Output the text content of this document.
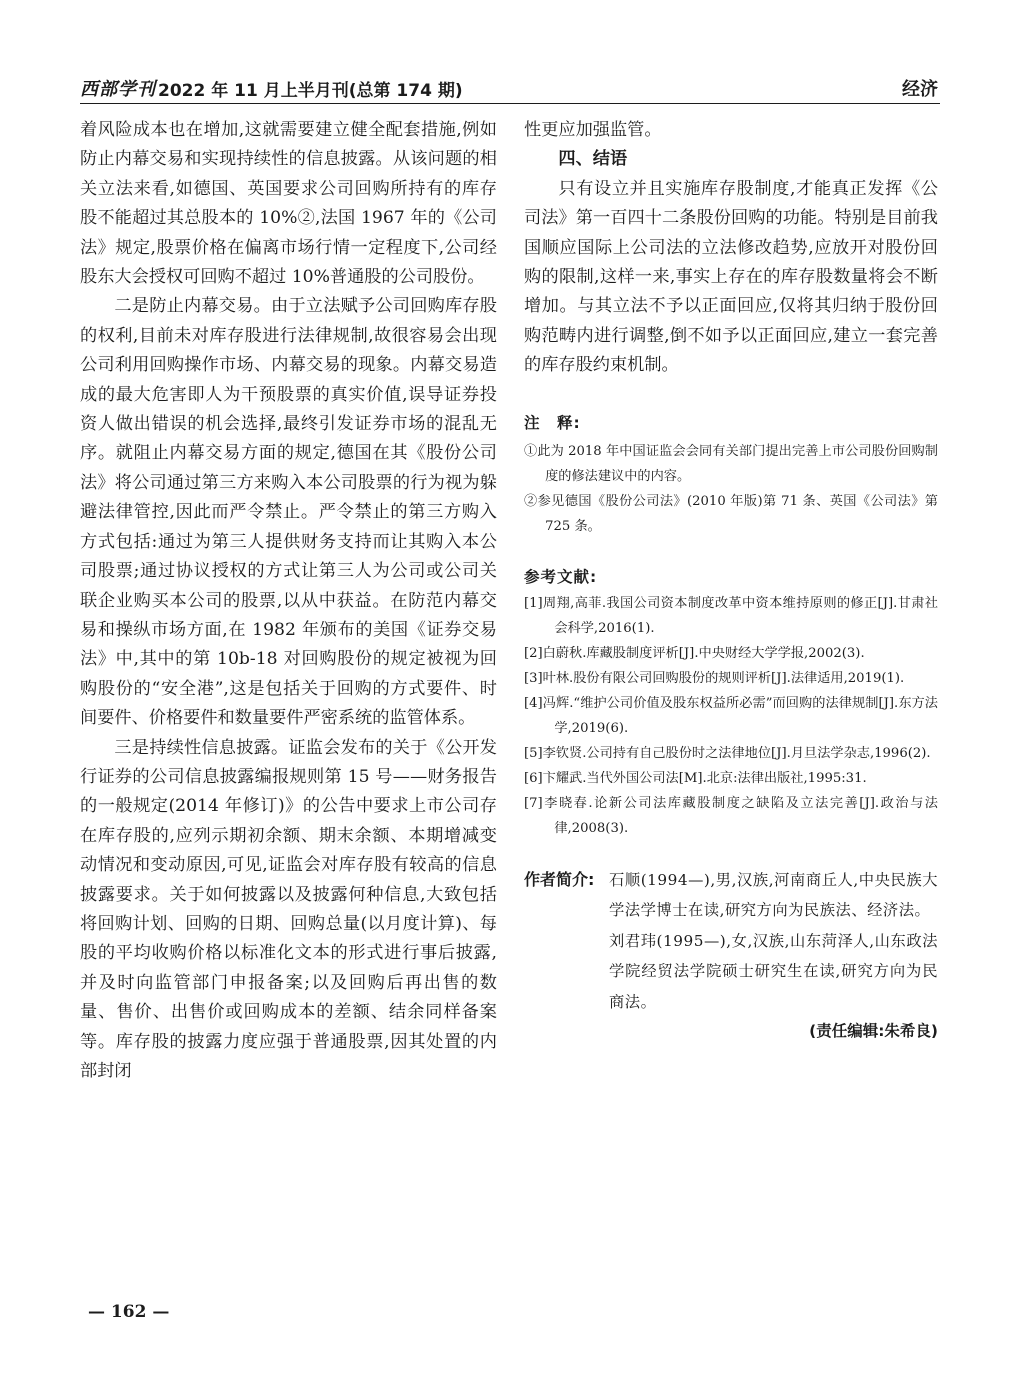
西部学刊 2022 年 11 月上半月刊(总第 174 期)	经济

着风险成本也在增加,这就需要建立健全配套措施,例如防止内幕交易和实现持续性的信息披露。从该问题的相关立法来看,如德国、英国要求公司回购所持有的库存股不能超过其总股本的 10%②,法国 1967 年的《公司法》规定,股票价格在偏离市场行情一定程度下,公司经股东大会授权可回购不超过 10%普通股的公司股份。

二是防止内幕交易。由于立法赋予公司回购库存股的权利,目前未对库存股进行法律规制,故很容易会出现公司利用回购操作市场、内幕交易的现象。内幕交易造成的最大危害即人为干预股票的真实价值,误导证券投资人做出错误的机会选择,最终引发证券市场的混乱无序。就阻止内幕交易方面的规定,德国在其《股份公司法》将公司通过第三方来购入本公司股票的行为视为躲避法律管控,因此而严令禁止。严令禁止的第三方购入方式包括:通过为第三人提供财务支持而让其购入本公司股票;通过协议授权的方式让第三人为公司或公司关联企业购买本公司的股票,以从中获益。在防范内幕交易和操纵市场方面,在 1982 年颁布的美国《证券交易法》中,其中的第 10b-18 对回购股份的规定被视为回购股份的“安全港”,这是包括关于回购的方式要件、时间要件、价格要件和数量要件严密系统的监管体系。

三是持续性信息披露。证监会发布的关于《公开发行证券的公司信息披露编报规则第 15 号——财务报告的一般规定(2014 年修订)》的公告中要求上市公司存在库存股的,应列示期初余额、期末余额、本期增减变动情况和变动原因,可见,证监会对库存股有较高的信息披露要求。关于如何披露以及披露何种信息,大致包括将回购计划、回购的日期、回购总量(以月度计算)、每股的平均收购价格以标准化文本的形式进行事后披露,并及时向监管部门申报备案;以及回购后再出售的数量、售价、出售价或回购成本的差额、结余同样备案等。库存股的披露力度应强于普通股票,因其处置的内部封闭

性更应加强监管。

四、结语

只有设立并且实施库存股制度,才能真正发挥《公司法》第一百四十二条股份回购的功能。特别是目前我国顺应国际上公司法的立法修改趋势,应放开对股份回购的限制,这样一来,事实上存在的库存股数量将会不断增加。与其立法不予以正面回应,仅将其归纳于股份回购范畴内进行调整,倒不如予以正面回应,建立一套完善的库存股约束机制。

注　释:

①此为 2018 年中国证监会会同有关部门提出完善上市公司股份回购制度的修法建议中的内容。

②参见德国《股份公司法》(2010 年版)第 71 条、英国《公司法》第 725 条。

参考文献:

[1]周翔,高菲.我国公司资本制度改革中资本维持原则的修正[J].甘肃社会科学,2016(1).

[2]白蔚秋.库藏股制度评析[J].中央财经大学学报,2002(3).

[3]叶林.股份有限公司回购股份的规则评析[J].法律适用,2019(1).

[4]冯辉.“维护公司价值及股东权益所必需”而回购的法律规制[J].东方法学,2019(6).

[5]李钦贤.公司持有自己股份时之法律地位[J].月旦法学杂志,1996(2).

[6]卞耀武.当代外国公司法[M].北京:法律出版社,1995:31.

[7]李晓春.论新公司法库藏股制度之缺陷及立法完善[J].政治与法律,2008(3).

作者简介: 石顺(1994—),男,汉族,河南商丘人,中央民族大学法学博士在读,研究方向为民族法、经济法。

刘君玮(1995—),女,汉族,山东菏泽人,山东政法学院经贸法学院硕士研究生在读,研究方向为民商法。

(责任编辑:朱希良)
— 162 —
